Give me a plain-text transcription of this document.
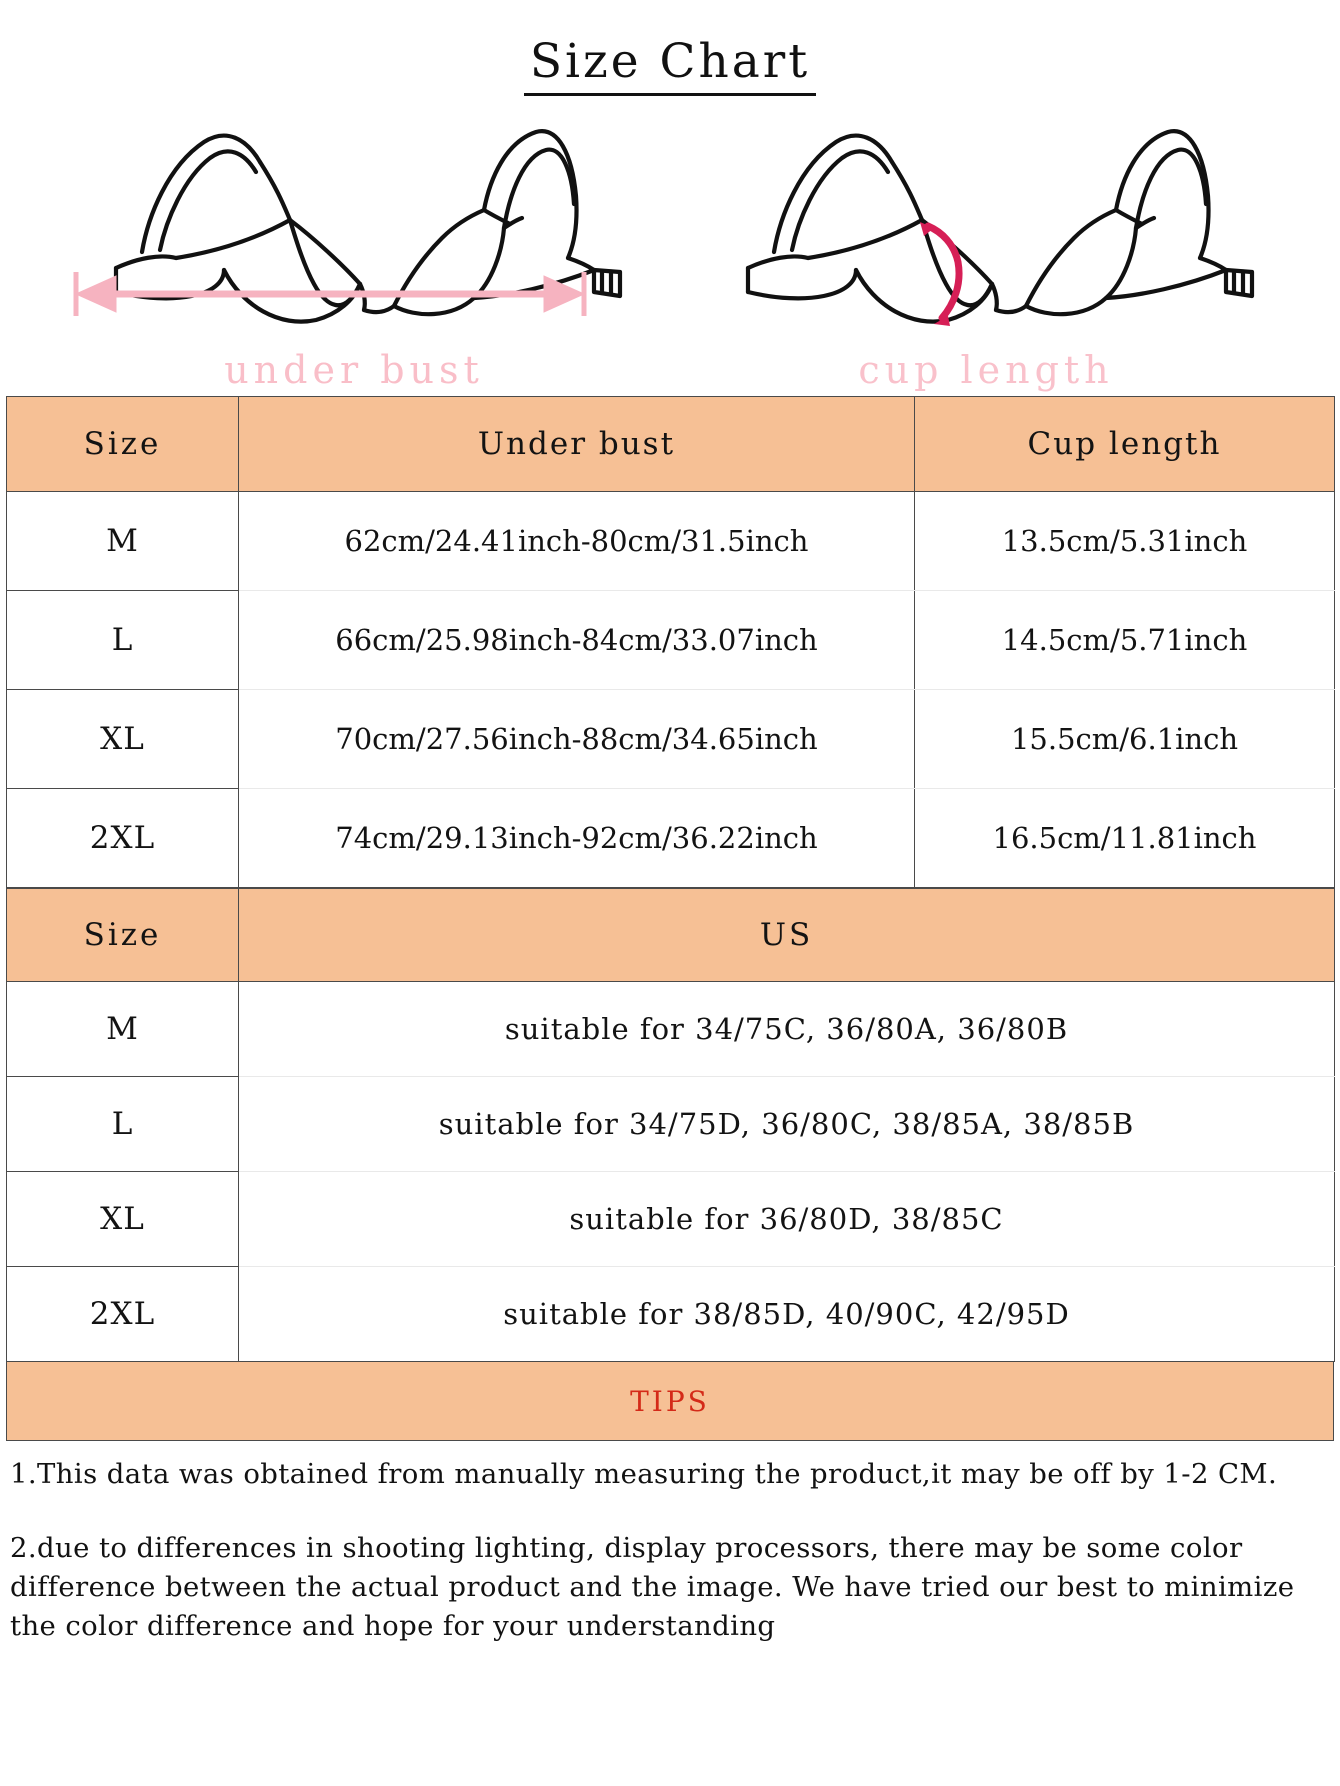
Size Chart
under bust	cup length
Size	Under bust	Cup length
M	62cm/24.41inch-80cm/31.5inch	13.5cm/5.31inch
L	66cm/25.98inch-84cm/33.07inch	14.5cm/5.71inch
XL	70cm/27.56inch-88cm/34.65inch	15.5cm/6.1inch
2XL	74cm/29.13inch-92cm/36.22inch	16.5cm/11.81inch
Size	US
M	suitable for 34/75C, 36/80A, 36/80B
L	suitable for 34/75D, 36/80C, 38/85A, 38/85B
XL	suitable for 36/80D, 38/85C
2XL	suitable for 38/85D, 40/90C, 42/95D
TIPS
1.This data was obtained from manually measuring the product,it may be off by 1-2 CM.
2.due to differences in shooting lighting, display processors, there may be some color difference between the actual product and the image. We have tried our best to minimize the color difference and hope for your understanding
